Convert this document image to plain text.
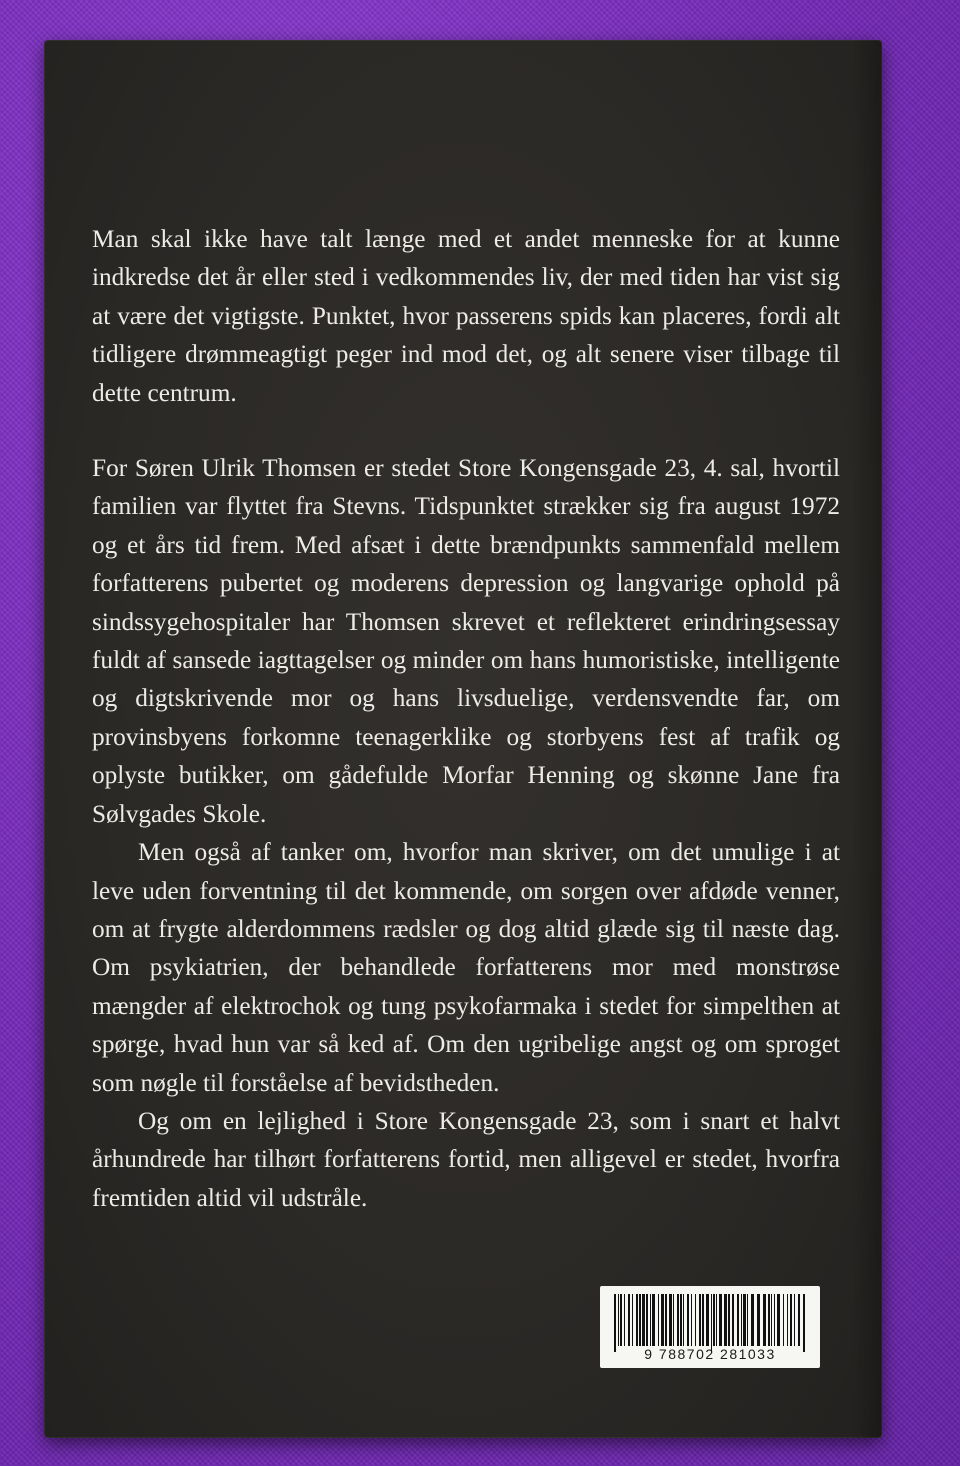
Man skal ikke have talt længe med et andet menneske for at kunne indkredse det år eller sted i vedkommendes liv, der med tiden har vist sig at være det vigtigste. Punktet, hvor passerens spids kan placeres, fordi alt tidligere drømmeagtigt peger ind mod det, og alt senere viser tilbage til dette centrum.

For Søren Ulrik Thomsen er stedet Store Kongensgade 23, 4. sal, hvortil familien var flyttet fra Stevns. Tidspunktet strækker sig fra august 1972 og et års tid frem. Med afsæt i dette brændpunkts sammenfald mellem forfatterens pubertet og moderens depression og langvarige ophold på sindssygehospitaler har Thomsen skrevet et reflekteret erindringsessay fuldt af sansede iagttagelser og minder om hans humoristiske, intelligente og digtskrivende mor og hans livsduelige, verdensvendte far, om provinsbyens forkomne teenagerklike og storbyens fest af trafik og oplyste butikker, om gådefulde Morfar Henning og skønne Jane fra Sølvgades Skole.

Men også af tanker om, hvorfor man skriver, om det umulige i at leve uden forventning til det kommende, om sorgen over afdøde venner, om at frygte alderdommens rædsler og dog altid glæde sig til næste dag. Om psykiatrien, der behandlede forfatterens mor med monstrøse mængder af elektrochok og tung psykofarmaka i stedet for simpelthen at spørge, hvad hun var så ked af. Om den ugribelige angst og om sproget som nøgle til forståelse af bevidstheden.

Og om en lejlighed i Store Kongensgade 23, som i snart et halvt århundrede har tilhørt forfatterens fortid, men alligevel er stedet, hvorfra fremtiden altid vil udstråle.

9 788702 281033
